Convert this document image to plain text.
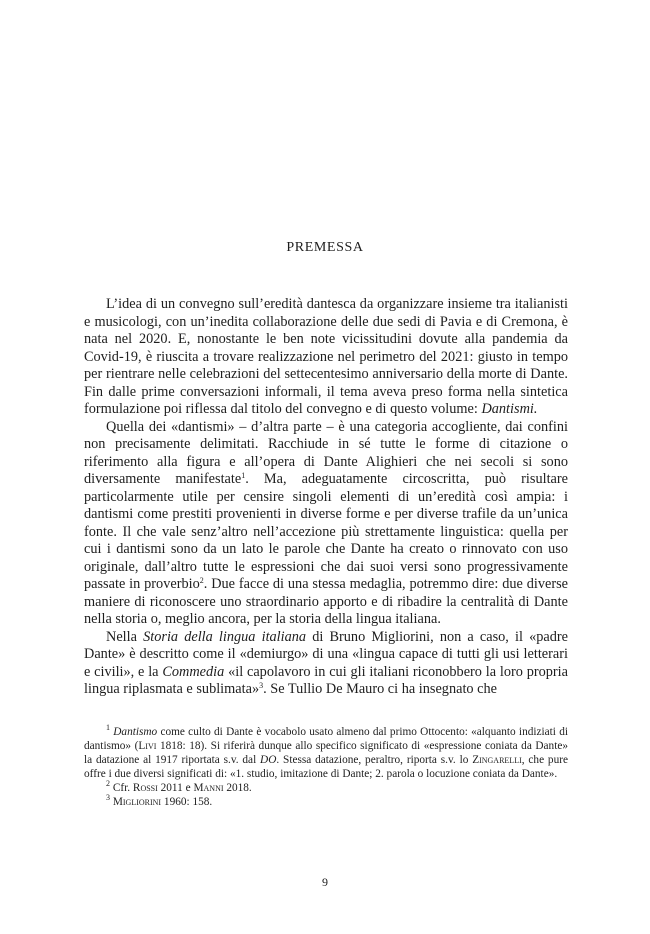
PREMESSA

L’idea di un convegno sull’eredità dantesca da organizzare insieme tra italianisti e musicologi, con un’inedita collaborazione delle due sedi di Pavia e di Cremona, è nata nel 2020. E, nonostante le ben note vicissitudini dovute alla pandemia da Covid-19, è riuscita a trovare realizzazione nel perimetro del 2021: giusto in tempo per rientrare nelle celebrazioni del settecentesimo anniversario della morte di Dante. Fin dalle prime conversazioni informali, il tema aveva preso forma nella sintetica formulazione poi riflessa dal titolo del convegno e di questo volume: Dantismi.

Quella dei «dantismi» – d’altra parte – è una categoria accogliente, dai confini non precisamente delimitati. Racchiude in sé tutte le forme di citazione o riferimento alla figura e all’opera di Dante Alighieri che nei secoli si sono diversamente manifestate$^1$. Ma, adeguatamente circoscritta, può risultare particolarmente utile per censire singoli elementi di un’eredità così ampia: i dantismi come prestiti provenienti in diverse forme e per diverse trafile da un’unica fonte. Il che vale senz’altro nell’accezione più strettamente linguistica: quella per cui i dantismi sono da un lato le parole che Dante ha creato o rinnovato con uso originale, dall’altro tutte le espressioni che dai suoi versi sono progressivamente passate in proverbio$^2$. Due facce di una stessa medaglia, potremmo dire: due diverse maniere di riconoscere uno straordinario apporto e di ribadire la centralità di Dante nella storia o, meglio ancora, per la storia della lingua italiana.

Nella Storia della lingua italiana di Bruno Migliorini, non a caso, il «padre Dante» è descritto come il «demiurgo» di una «lingua capace di tutti gli usi letterari e civili», e la Commedia «il capolavoro in cui gli italiani riconobbero la loro propria lingua riplasmata e sublimata»$^3$. Se Tullio De Mauro ci ha insegnato che

$^1$ Dantismo come culto di Dante è vocabolo usato almeno dal primo Ottocento: «alquanto indiziati di dantismo» (Livi 1818: 18). Si riferirà dunque allo specifico significato di «espressione coniata da Dante» la datazione al 1917 riportata s.v. dal DO. Stessa datazione, peraltro, riporta s.v. lo Zingarelli, che pure offre i due diversi significati di: «1. studio, imitazione di Dante; 2. parola o locuzione coniata da Dante».

$^2$ Cfr. Rossi 2011 e Manni 2018.

$^3$ Migliorini 1960: 158.

9
